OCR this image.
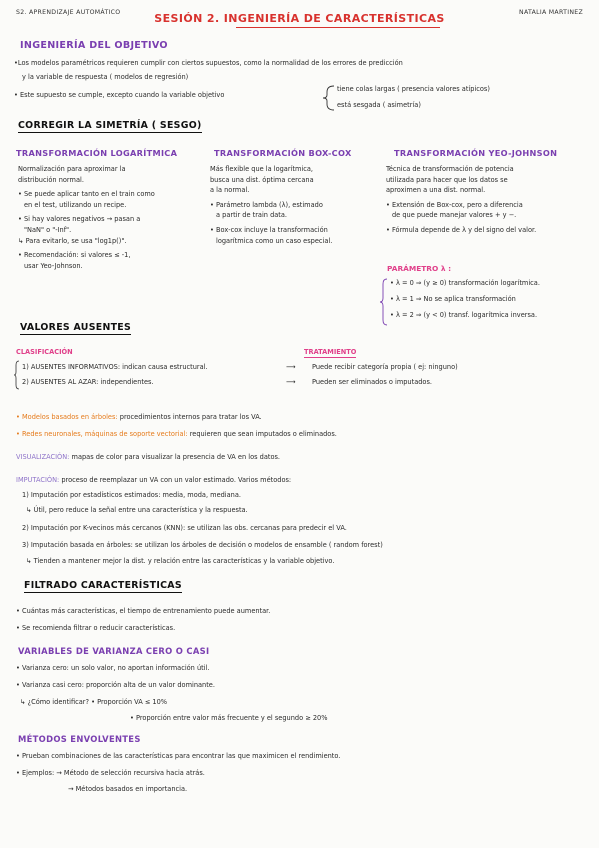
S2. APRENDIZAJE AUTOMÁTICO	SESIÓN 2. INGENIERÍA DE CARACTERÍSTICAS	NATALIA MARTINEZ
INGENIERÍA DEL OBJETIVO
•Los modelos paramétricos requieren cumplir con ciertos supuestos, como la normalidad de los errores de predicción
y la variable de respuesta ( modelos de regresión)
• Este supuesto se cumple, excepto cuando la variable objetivo
tiene colas largas ( presencia valores atípicos)
está sesgada ( asimetría)
CORREGIR LA SIMETRÍA ( SESGO)
TRANSFORMACIÓN LOGARÍTMICA
Normalización para aproximar la
distribución normal.
• Se puede aplicar tanto en el train como
en el test, utilizando un recipe.
• Si hay valores negativos → pasan a
"NaN" o "-Inf".
↳ Para evitarlo, se usa "log1p()".
• Recomendación: si valores ≤ -1,
usar Yeo-Johnson.
TRANSFORMACIÓN BOX-COX
Más flexible que la logarítmica,
busca una dist. óptima cercana
a la normal.
• Parámetro lambda (λ), estimado
a partir de train data.
• Box-cox incluye la transformación
logarítmica como un caso especial.
TRANSFORMACIÓN YEO-JOHNSON
Técnica de transformación de potencia
utilizada para hacer que los datos se
aproximen a una dist. normal.
• Extensión de Box-cox, pero a diferencia
de que puede manejar valores + y −.
• Fórmula depende de λ y del signo del valor.
PARÁMETRO λ :
• λ = 0 ⇒ (y ≥ 0) transformación logarítmica.
• λ = 1 ⇒ No se aplica transformación
• λ = 2 ⇒ (y < 0) transf. logarítmica inversa.
VALORES AUSENTES
CLASIFICACIÓN	TRATAMIENTO
1) AUSENTES INFORMATIVOS: indican causa estructural.	⟶	Puede recibir categoría propia ( ej: ninguno)
2) AUSENTES AL AZAR: independientes.	⟶	Pueden ser eliminados o imputados.
• Modelos basados en árboles: procedimientos internos para tratar los VA.
• Redes neuronales, máquinas de soporte vectorial: requieren que sean imputados o eliminados.
VISUALIZACIÓN: mapas de color para visualizar la presencia de VA en los datos.
IMPUTACIÓN: proceso de reemplazar un VA con un valor estimado. Varios métodos:
1) Imputación por estadísticos estimados: media, moda, mediana.
↳ Útil, pero reduce la señal entre una característica y la respuesta.
2) Imputación por K-vecinos más cercanos (KNN): se utilizan las obs. cercanas para predecir el VA.
3) Imputación basada en árboles: se utilizan los árboles de decisión o modelos de ensamble ( random forest)
↳ Tienden a mantener mejor la dist. y relación entre las características y la variable objetivo.
FILTRADO CARACTERÍSTICAS
• Cuántas más características, el tiempo de entrenamiento puede aumentar.
• Se recomienda filtrar o reducir características.
VARIABLES DE VARIANZA CERO O CASI
• Varianza cero: un solo valor, no aportan información útil.
• Varianza casi cero: proporción alta de un valor dominante.
↳ ¿Cómo identificar? • Proporción VA ≤ 10%
• Proporción entre valor más frecuente y el segundo ≥ 20%
MÉTODOS ENVOLVENTES
• Prueban combinaciones de las características para encontrar las que maximicen el rendimiento.
• Ejemplos: → Método de selección recursiva hacia atrás.
→ Métodos basados en importancia.
